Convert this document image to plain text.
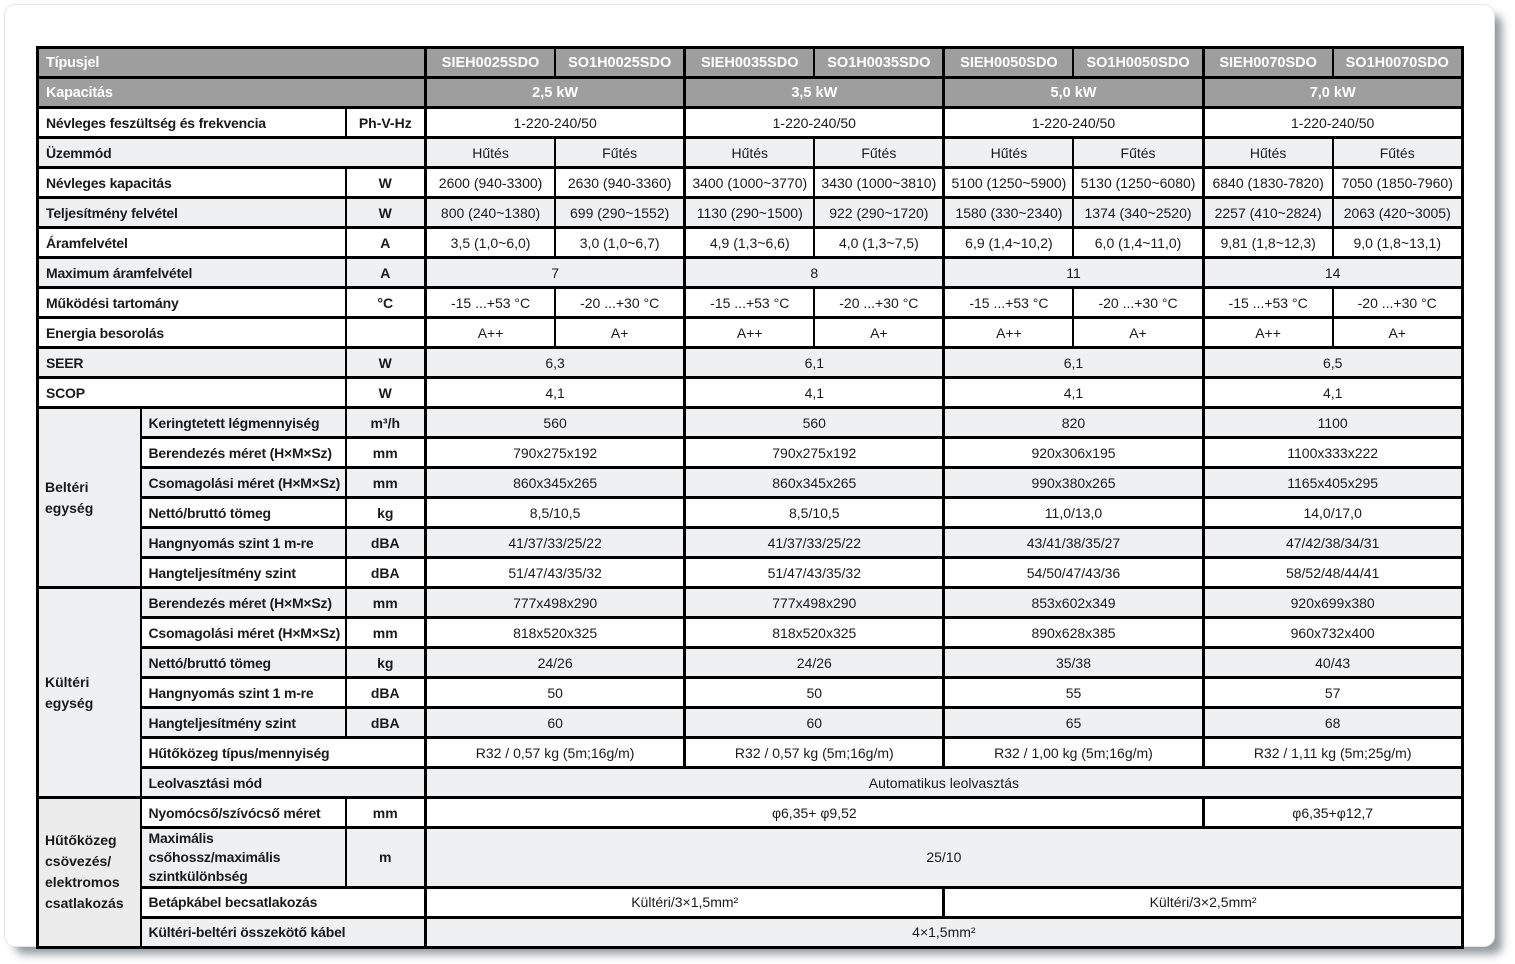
Típusjel			SIEH0025SDO	SO1H0025SDO	SIEH0035SDO	SO1H0035SDO	SIEH0050SDO	SO1H0050SDO	SIEH0070SDO	SO1H0070SDO
Kapacitás			2,5 kW		3,5 kW		5,0 kW		7,0 kW	
Névleges feszültség és frekvencia		Ph-V-Hz	1-220-240/50		1-220-240/50		1-220-240/50		1-220-240/50	
Üzemmód			Hűtés	Fűtés	Hűtés	Fűtés	Hűtés	Fűtés	Hűtés	Fűtés
Névleges kapacitás		W	2600 (940-3300)	2630 (940-3360)	3400 (1000~3770)	3430 (1000~3810)	5100 (1250~5900)	5130 (1250~6080)	6840 (1830-7820)	7050 (1850-7960)
Teljesítmény felvétel		W	800 (240~1380)	699 (290~1552)	1130 (290~1500)	922 (290~1720)	1580 (330~2340)	1374 (340~2520)	2257 (410~2824)	2063 (420~3005)
Áramfelvétel		A	3,5 (1,0~6,0)	3,0 (1,0~6,7)	4,9 (1,3~6,6)	4,0 (1,3~7,5)	6,9 (1,4~10,2)	6,0 (1,4~11,0)	9,81 (1,8~12,3)	9,0 (1,8~13,1)
Maximum áramfelvétel		A	7		8		11		14	
Működési tartomány		°C	-15 ...+53 °C	-20 ...+30 °C	-15 ...+53 °C	-20 ...+30 °C	-15 ...+53 °C	-20 ...+30 °C	-15 ...+53 °C	-20 ...+30 °C
Energia besorolás			A++	A+	A++	A+	A++	A+	A++	A+
SEER		W	6,3		6,1		6,1		6,5	
SCOP		W	4,1		4,1		4,1		4,1	
Beltéri egység	Keringtetett légmennyiség	m³/h	560		560		820		1100	
	Berendezés méret (H×M×Sz)	mm	790x275x192		790x275x192		920x306x195		1100x333x222	
	Csomagolási méret (H×M×Sz)	mm	860x345x265		860x345x265		990x380x265		1165x405x295	
	Nettó/bruttó tömeg	kg	8,5/10,5		8,5/10,5		11,0/13,0		14,0/17,0	
	Hangnyomás szint 1 m-re	dBA	41/37/33/25/22		41/37/33/25/22		43/41/38/35/27		47/42/38/34/31	
	Hangteljesítmény szint	dBA	51/47/43/35/32		51/47/43/35/32		54/50/47/43/36		58/52/48/44/41	
Kültéri egység	Berendezés méret (H×M×Sz)	mm	777x498x290		777x498x290		853x602x349		920x699x380	
	Csomagolási méret (H×M×Sz)	mm	818x520x325		818x520x325		890x628x385		960x732x400	
	Nettó/bruttó tömeg	kg	24/26		24/26		35/38		40/43	
	Hangnyomás szint 1 m-re	dBA	50		50		55		57	
	Hangteljesítmény szint	dBA	60		60		65		68	
	Hűtőközeg típus/mennyiség		R32 / 0,57 kg (5m;16g/m)		R32 / 0,57 kg (5m;16g/m)		R32 / 1,00 kg (5m;16g/m)		R32 / 1,11 kg (5m;25g/m)	
	Leolvasztási mód		Automatikus leolvasztás							
Hűtőközeg csövezés/ elektromos csatlakozás	Nyomócső/szívócső méret	mm	φ6,35+ φ9,52						φ6,35+φ12,7	
	Maximális csőhossz/maximális szintkülönbség	m	25/10							
	Betápkábel becsatlakozás		Kültéri/3×1,5mm²				Kültéri/3×2,5mm²			
	Kültéri-beltéri összekötő kábel		4×1,5mm²							
